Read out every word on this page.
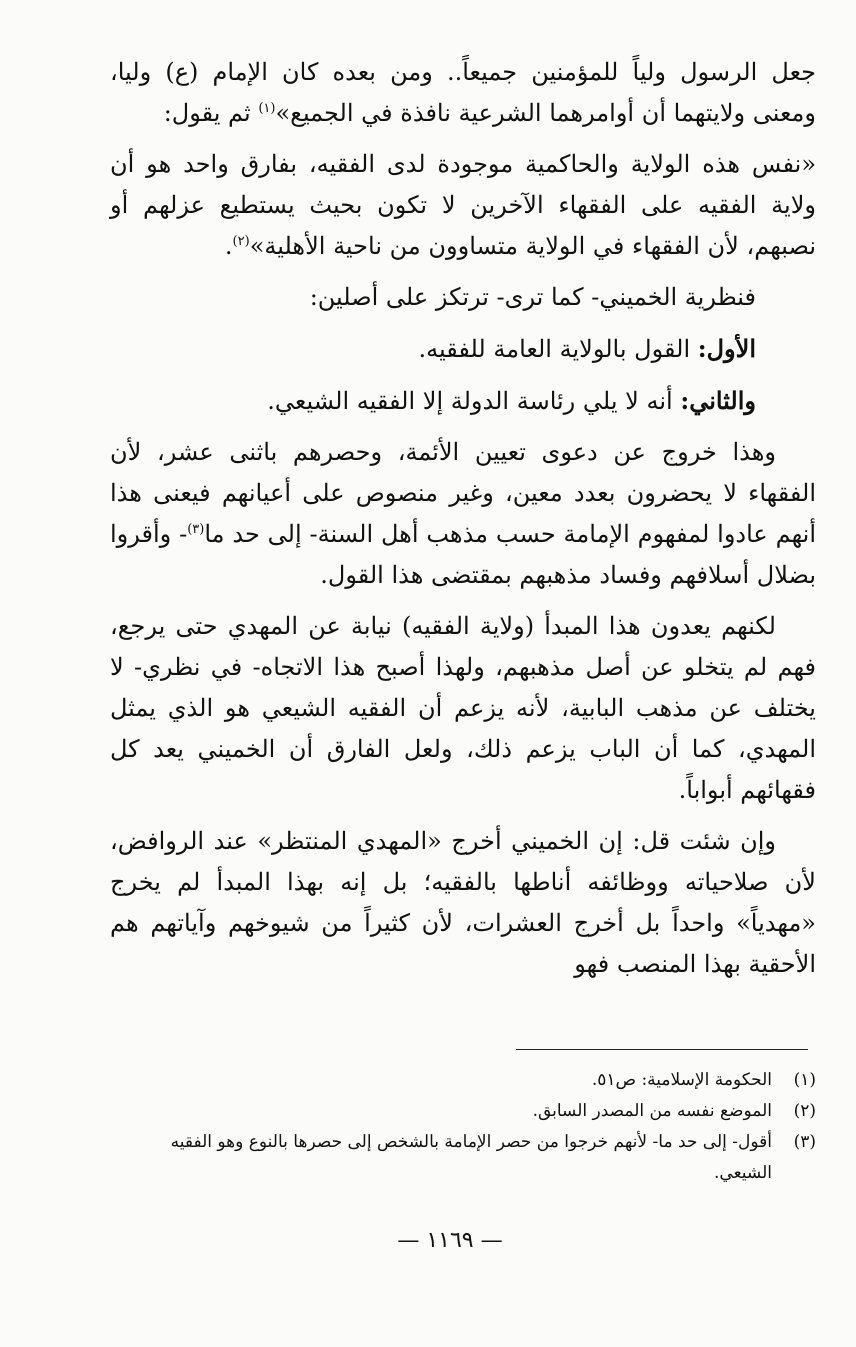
جعل الرسول ولياً للمؤمنين جميعاً.. ومن بعده كان الإمام (ع) وليا، ومعنى ولايتهما أن أوامرهما الشرعية نافذة في الجميع»$^{(١)}$ ثم يقول:

«نفس هذه الولاية والحاكمية موجودة لدى الفقيه، بفارق واحد هو أن ولاية الفقيه على الفقهاء الآخرين لا تكون بحيث يستطيع عزلهم أو نصبهم، لأن الفقهاء في الولاية متساوون من ناحية الأهلية»$^{(٢)}$.

فنظرية الخميني- كما ترى- ترتكز على أصلين:

الأول: القول بالولاية العامة للفقيه.

والثاني: أنه لا يلي رئاسة الدولة إلا الفقيه الشيعي.

وهذا خروج عن دعوى تعيين الأئمة، وحصرهم باثنى عشر، لأن الفقهاء لا يحضرون بعدد معين، وغير منصوص على أعيانهم فيعنى هذا أنهم عادوا لمفهوم الإمامة حسب مذهب أهل السنة- إلى حد ما$^{(٣)}$- وأقروا بضلال أسلافهم وفساد مذهبهم بمقتضى هذا القول.

لكنهم يعدون هذا المبدأ (ولاية الفقيه) نيابة عن المهدي حتى يرجع، فهم لم يتخلو عن أصل مذهبهم، ولهذا أصبح هذا الاتجاه- في نظري- لا يختلف عن مذهب البابية، لأنه يزعم أن الفقيه الشيعي هو الذي يمثل المهدي، كما أن الباب يزعم ذلك، ولعل الفارق أن الخميني يعد كل فقهائهم أبواباً.

وإن شئت قل: إن الخميني أخرج «المهدي المنتظر» عند الروافض، لأن صلاحياته ووظائفه أناطها بالفقيه؛ بل إنه بهذا المبدأ لم يخرج «مهدياً» واحداً بل أخرج العشرات، لأن كثيراً من شيوخهم وآياتهم هم الأحقية بهذا المنصب فهو

(١)
الحكومة الإسلامية: ص٥١.
(٢)
الموضع نفسه من المصدر السابق.
(٣)
أقول- إلى حد ما- لأنهم خرجوا من حصر الإمامة بالشخص إلى حصرها بالنوع وهو الفقيه الشيعي.
— ١١٦٩ —
